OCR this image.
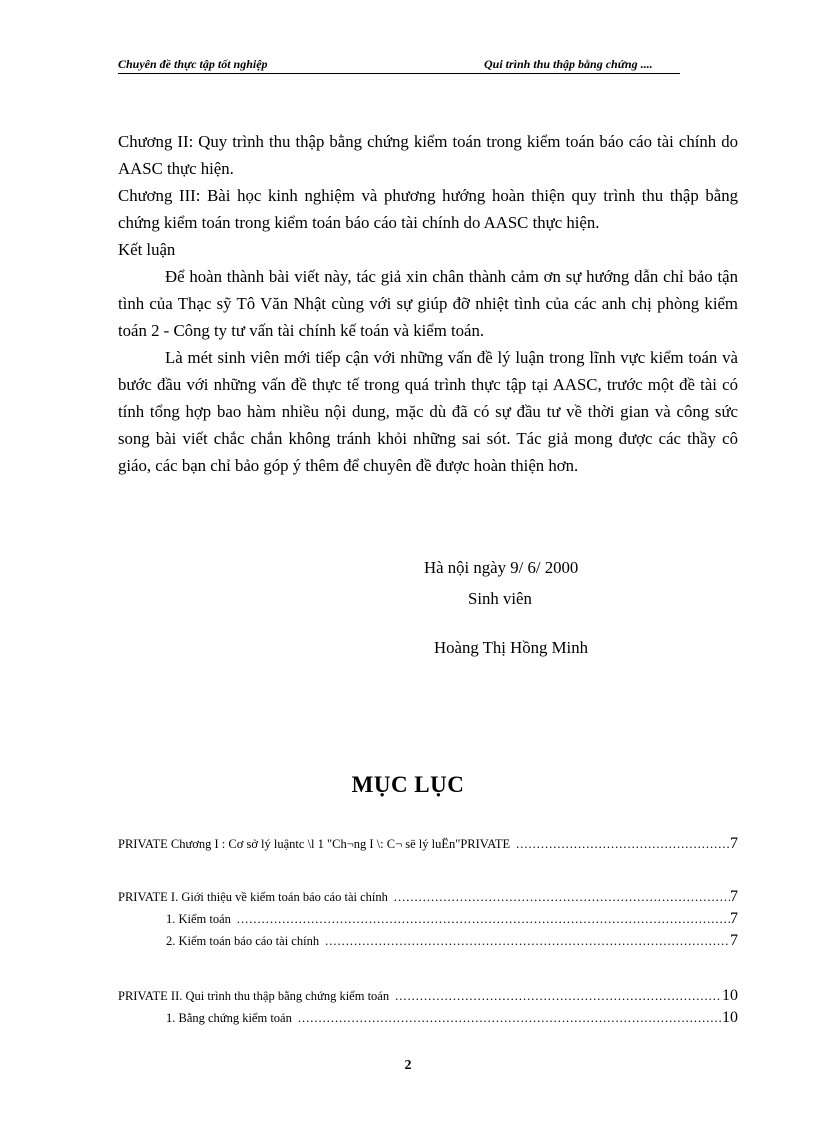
Chuyên đề thực tập tốt nghiệp	Qui trình thu thập bằng chứng ....

Chương II: Quy trình thu thập bằng chứng kiểm toán trong kiểm toán báo cáo tài chính do AASC thực hiện.

Chương III: Bài học kinh nghiệm và phương hướng hoàn thiện quy trình thu thập bằng chứng kiểm toán trong kiểm toán báo cáo tài chính do AASC thực hiện.

Kết luận

Để hoàn thành bài viết này, tác giả xin chân thành cảm ơn sự hướng dẫn chỉ bảo tận tình của Thạc sỹ Tô Văn Nhật cùng với sự giúp đỡ nhiệt tình của các anh chị phòng kiểm toán 2 - Công ty tư vấn tài chính kế toán và kiểm toán.

Là mét sinh viên mới tiếp cận với những vấn đề lý luận trong lĩnh vực kiểm toán và bước đầu với những vấn đề thực tế trong quá trình thực tập tại AASC, trước một đề tài có tính tổng hợp bao hàm nhiều nội dung, mặc dù đã có sự đầu tư về thời gian và công sức song bài viết chắc chắn không tránh khỏi những sai sót. Tác giả mong được các thầy cô giáo, các bạn chỉ bảo góp ý thêm để chuyên đề được hoàn thiện hơn.

Hà nội ngày 9/ 6/ 2000
Sinh viên
Hoàng Thị Hồng Minh
MỤC LỤC
PRIVATE Chương I : Cơ sở lý luậntc \l 1 "Ch¬ng I \: C¬ së lý luËn"PRIVATE .....	7
PRIVATE I. Giới thiệu về kiểm toán báo cáo tài chính .....	7
1. Kiểm toán .....	7
2. Kiểm toán báo cáo tài chính .....	7
PRIVATE II. Qui trình thu thập bằng chứng kiểm toán .....	10
1. Bằng chứng kiểm toán .....	10
2
